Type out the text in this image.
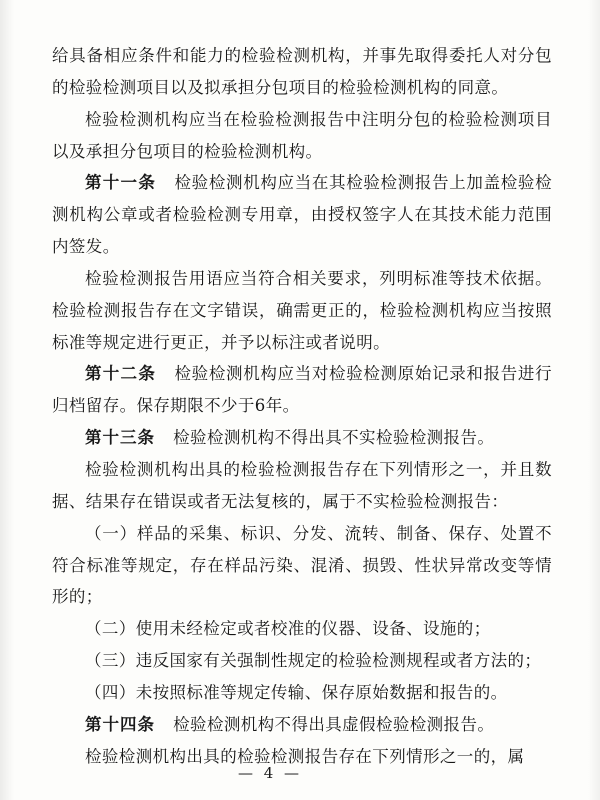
给具备相应条件和能力的检验检测机构，并事先取得委托人对分包的检验检测项目以及拟承担分包项目的检验检测机构的同意。

检验检测机构应当在检验检测报告中注明分包的检验检测项目以及承担分包项目的检验检测机构。

第十一条 检验检测机构应当在其检验检测报告上加盖检验检测机构公章或者检验检测专用章，由授权签字人在其技术能力范围内签发。

检验检测报告用语应当符合相关要求，列明标准等技术依据。检验检测报告存在文字错误，确需更正的，检验检测机构应当按照标准等规定进行更正，并予以标注或者说明。

第十二条 检验检测机构应当对检验检测原始记录和报告进行归档留存。保存期限不少于6年。

第十三条 检验检测机构不得出具不实检验检测报告。

检验检测机构出具的检验检测报告存在下列情形之一，并且数据、结果存在错误或者无法复核的，属于不实检验检测报告：

（一）样品的采集、标识、分发、流转、制备、保存、处置不符合标准等规定，存在样品污染、混淆、损毁、性状异常改变等情形的；

（二）使用未经检定或者校准的仪器、设备、设施的；

（三）违反国家有关强制性规定的检验检测规程或者方法的；

（四）未按照标准等规定传输、保存原始数据和报告的。

第十四条 检验检测机构不得出具虚假检验检测报告。

检验检测机构出具的检验检测报告存在下列情形之一的，属

— 4 —
